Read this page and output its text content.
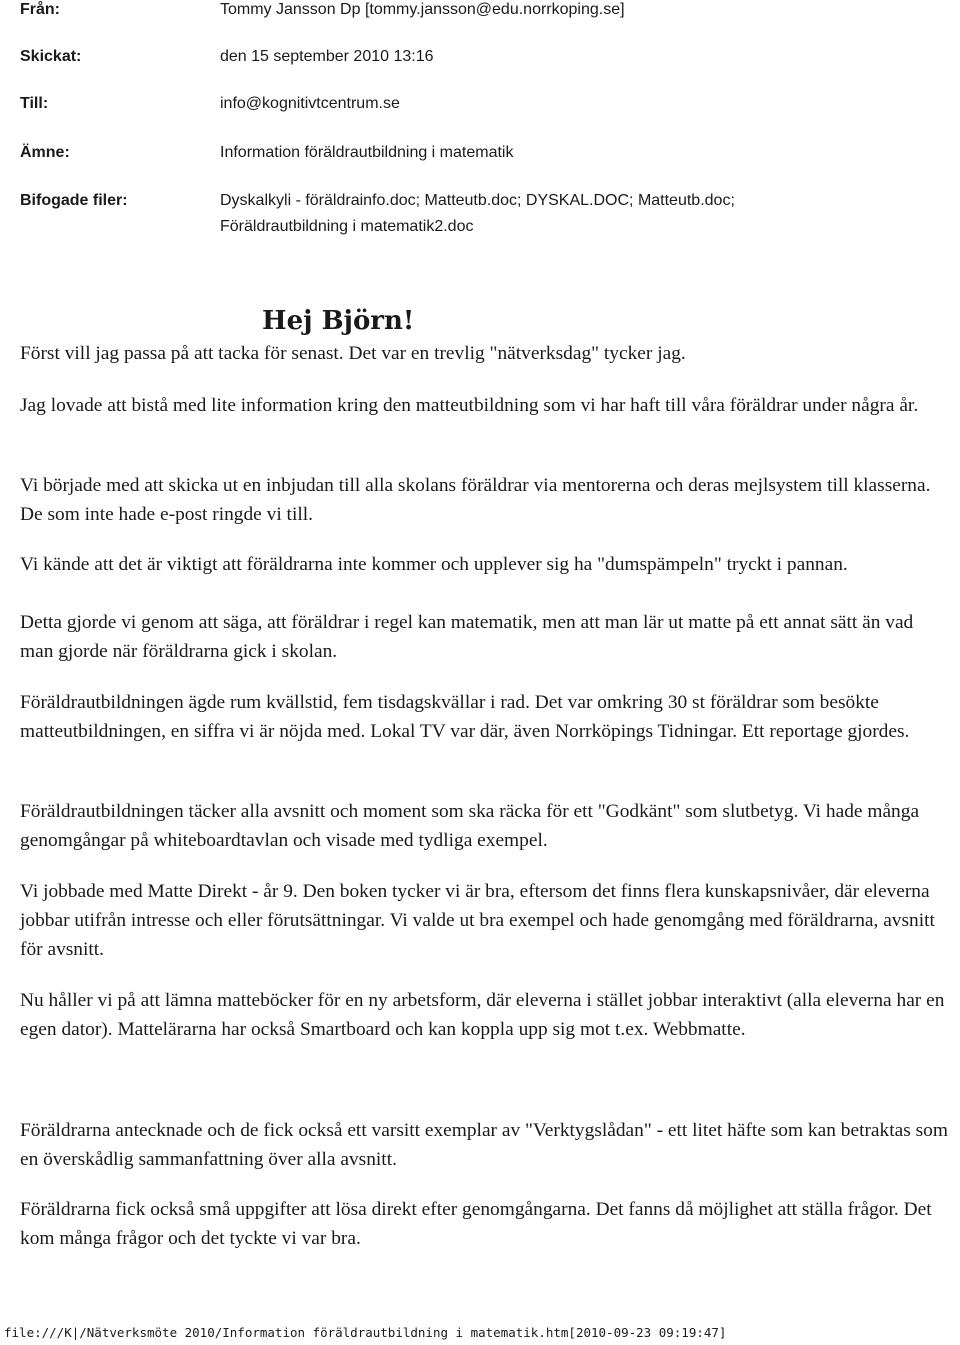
Från:	Tommy Jansson Dp [tommy.jansson@edu.norrkoping.se]
Skickat:	den 15 september 2010 13:16
Till:	info@kognitivtcentrum.se
Ämne:	Information föräldrautbildning i matematik
Bifogade filer:	Dyskalkyli - föräldrainfo.doc; Matteutb.doc; DYSKAL.DOC; Matteutb.doc;
Föräldrautbildning i matematik2.doc
Hej Björn!

Först vill jag passa på att tacka för senast. Det var en trevlig "nätverksdag" tycker jag.

Jag lovade att bistå med lite information kring den matteutbildning som vi har haft till våra föräldrar under några år.

Vi började med att skicka ut en inbjudan till alla skolans föräldrar via mentorerna och deras mejlsystem till klasserna. De som inte hade e-post ringde vi till.

Vi kände att det är viktigt att föräldrarna inte kommer och upplever sig ha "dumspämpeln" tryckt i pannan.

Detta gjorde vi genom att säga, att föräldrar i regel kan matematik, men att man lär ut matte på ett annat sätt än vad man gjorde när föräldrarna gick i skolan.

Föräldrautbildningen ägde rum kvällstid, fem tisdagskvällar i rad. Det var omkring 30 st föräldrar som besökte matteutbildningen, en siffra vi är nöjda med. Lokal TV var där, även Norrköpings Tidningar. Ett reportage gjordes.

Föräldrautbildningen täcker alla avsnitt och moment som ska räcka för ett "Godkänt" som slutbetyg. Vi hade många genomgångar på whiteboardtavlan och visade med tydliga exempel.

Vi jobbade med Matte Direkt - år 9. Den boken tycker vi är bra, eftersom det finns flera kunskapsnivåer, där eleverna jobbar utifrån intresse och eller förutsättningar. Vi valde ut bra exempel och hade genomgång med föräldrarna, avsnitt för avsnitt.

Nu håller vi på att lämna matteböcker för en ny arbetsform, där eleverna i stället jobbar interaktivt (alla eleverna har en egen dator). Mattelärarna har också Smartboard och kan koppla upp sig mot t.ex. Webbmatte.

Föräldrarna antecknade och de fick också ett varsitt exemplar av "Verktygslådan" - ett litet häfte som kan betraktas som en överskådlig sammanfattning över alla avsnitt.

Föräldrarna fick också små uppgifter att lösa direkt efter genomgångarna. Det fanns då möjlighet att ställa frågor. Det kom många frågor och det tyckte vi var bra.

file:///K|/Nätverksmöte 2010/Information föräldrautbildning i matematik.htm[2010-09-23 09:19:47]
